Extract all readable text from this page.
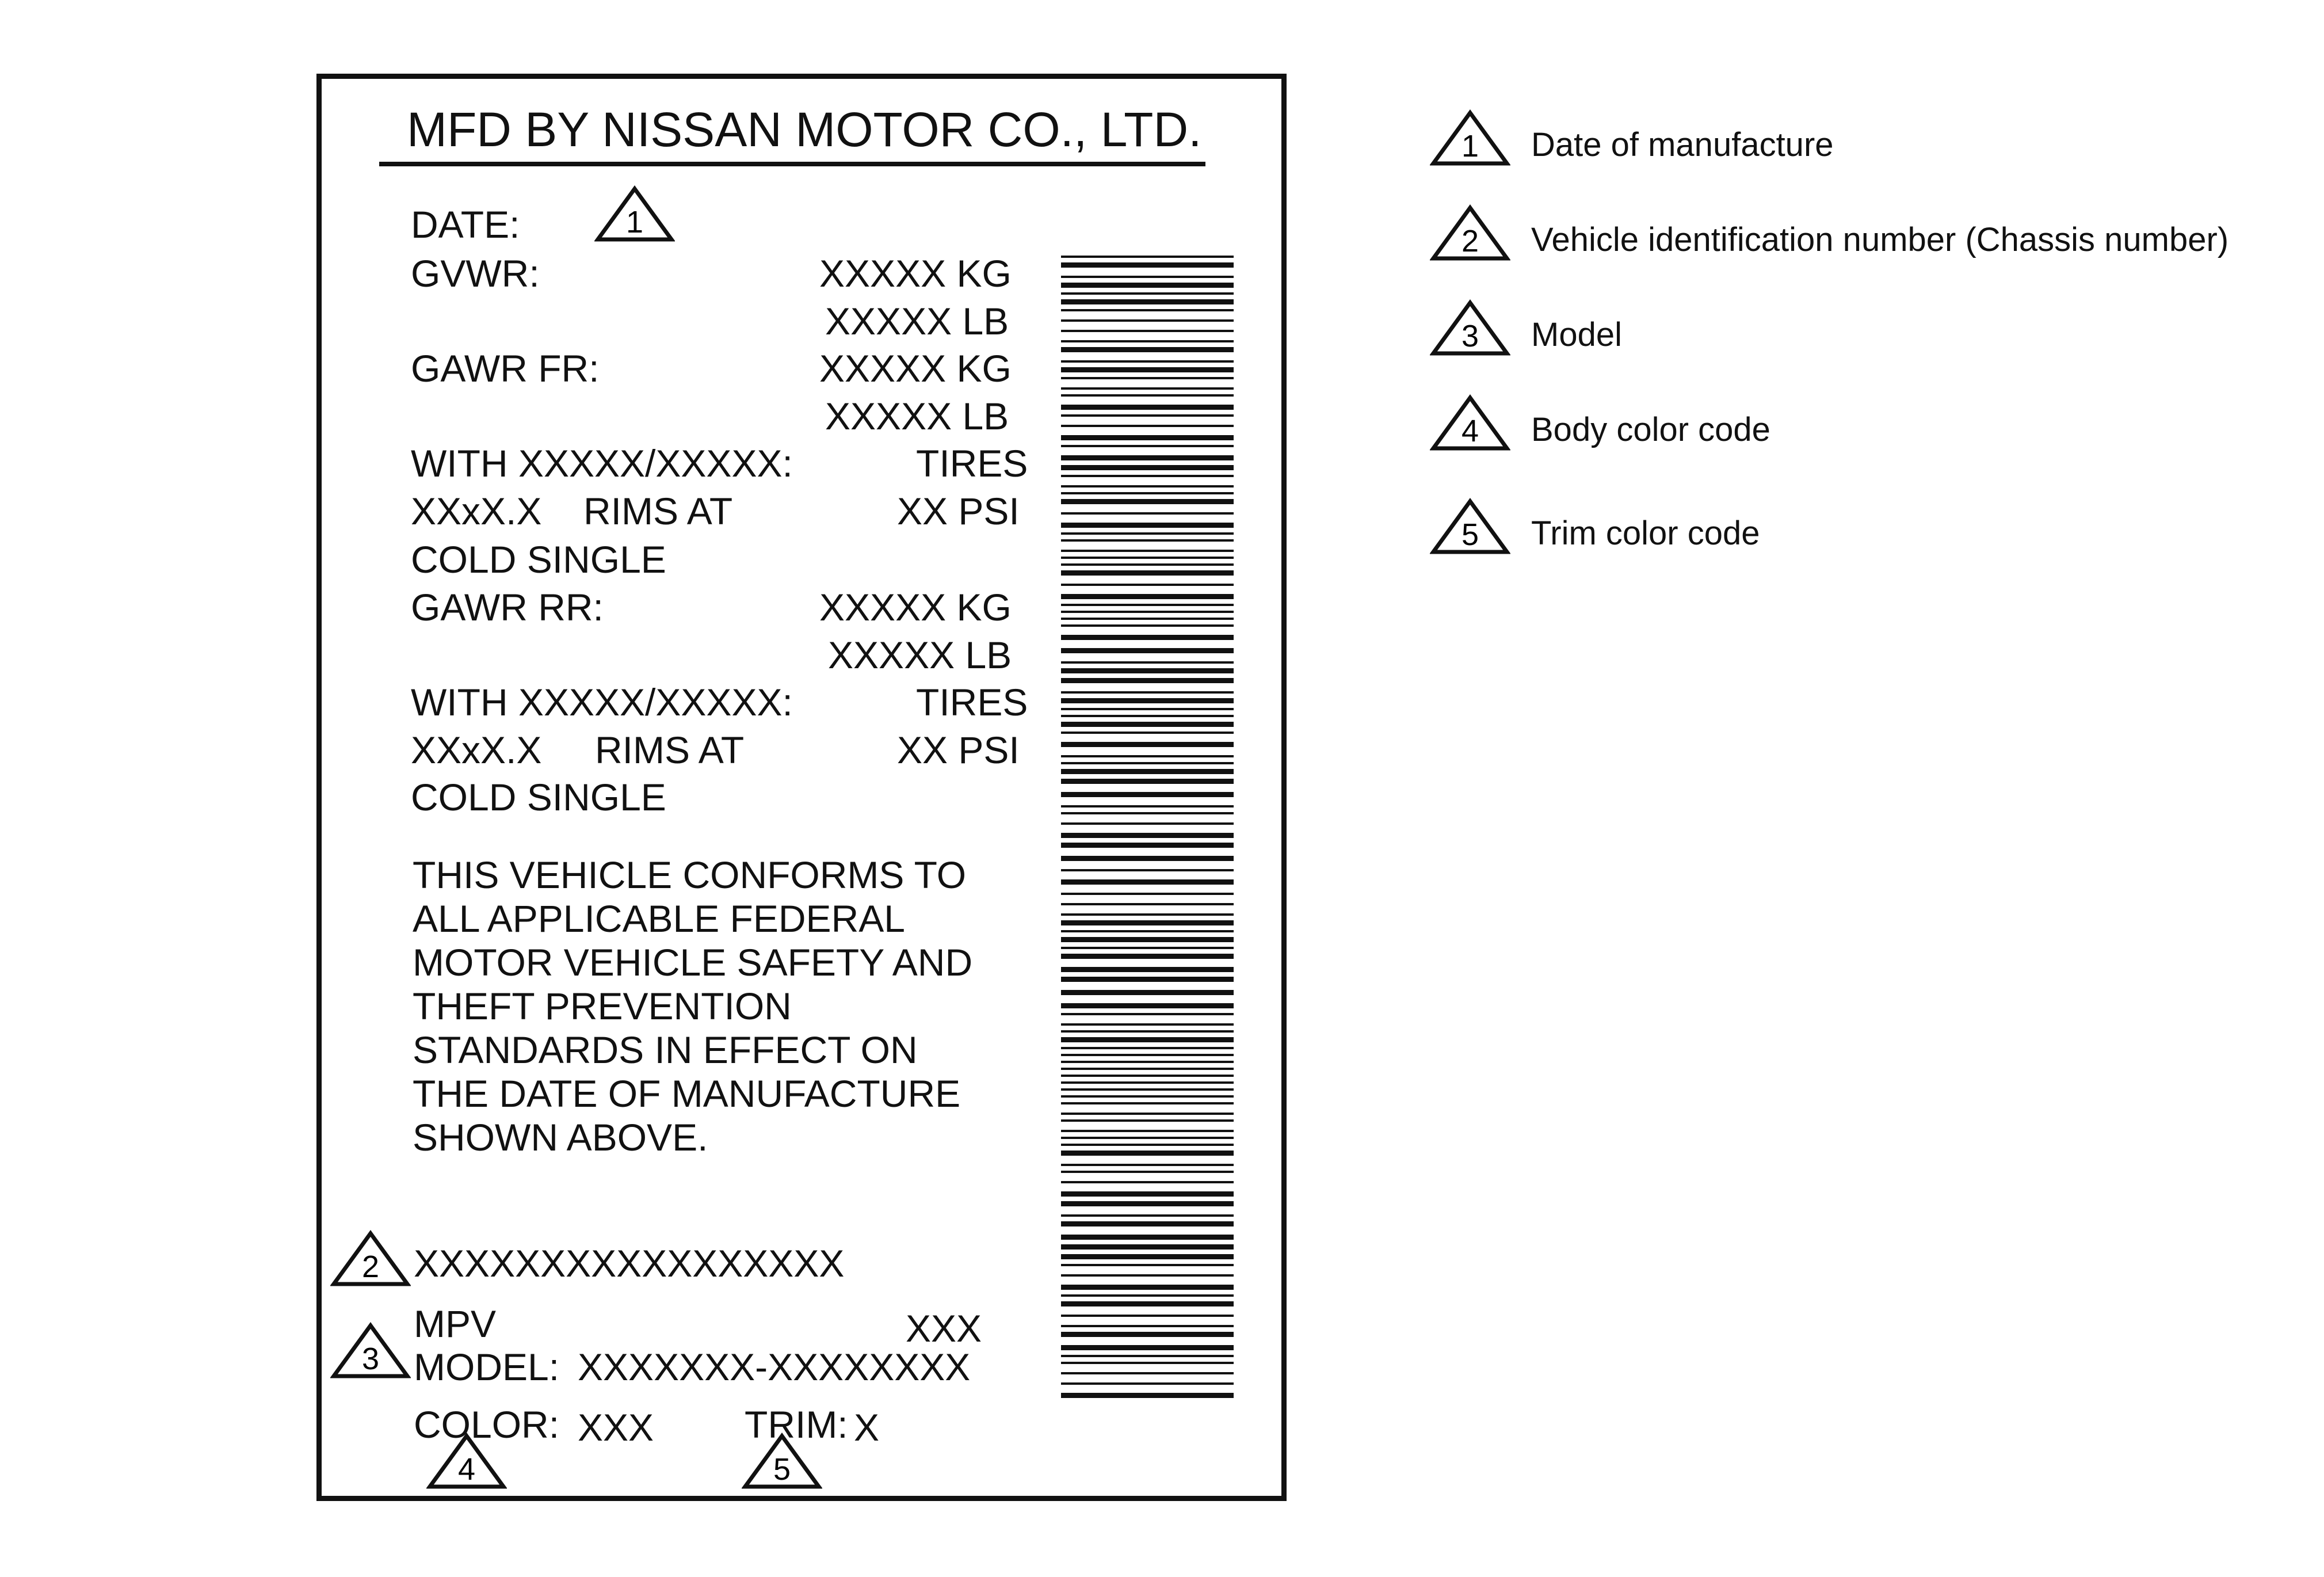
MFD BY NISSAN MOTOR CO., LTD.
DATE:	1
GVWR:	XXXXX KG
XXXXX LB
GAWR FR:	XXXXX KG
XXXXX LB
WITH XXXXX/XXXXX:	TIRES
XXxX.X RIMS AT	XX PSI
COLD SINGLE
GAWR RR:	XXXXX KG
XXXXX LB
WITH XXXXX/XXXXX:	TIRES
XXxX.X RIMS AT	XX PSI
COLD SINGLE
THIS VEHICLE CONFORMS TO
ALL APPLICABLE FEDERAL
MOTOR VEHICLE SAFETY AND
THEFT PREVENTION
STANDARDS IN EFFECT ON
THE DATE OF MANUFACTURE
SHOWN ABOVE.
2 XXXXXXXXXXXXXXXXX
MPV	XXX
3 MODEL: XXXXXXX-XXXXXXXX
COLOR: XXX TRIM: X
4	5
1 Date of manufacture
2 Vehicle identification number (Chassis number)
3 Model
4 Body color code
5 Trim color code
